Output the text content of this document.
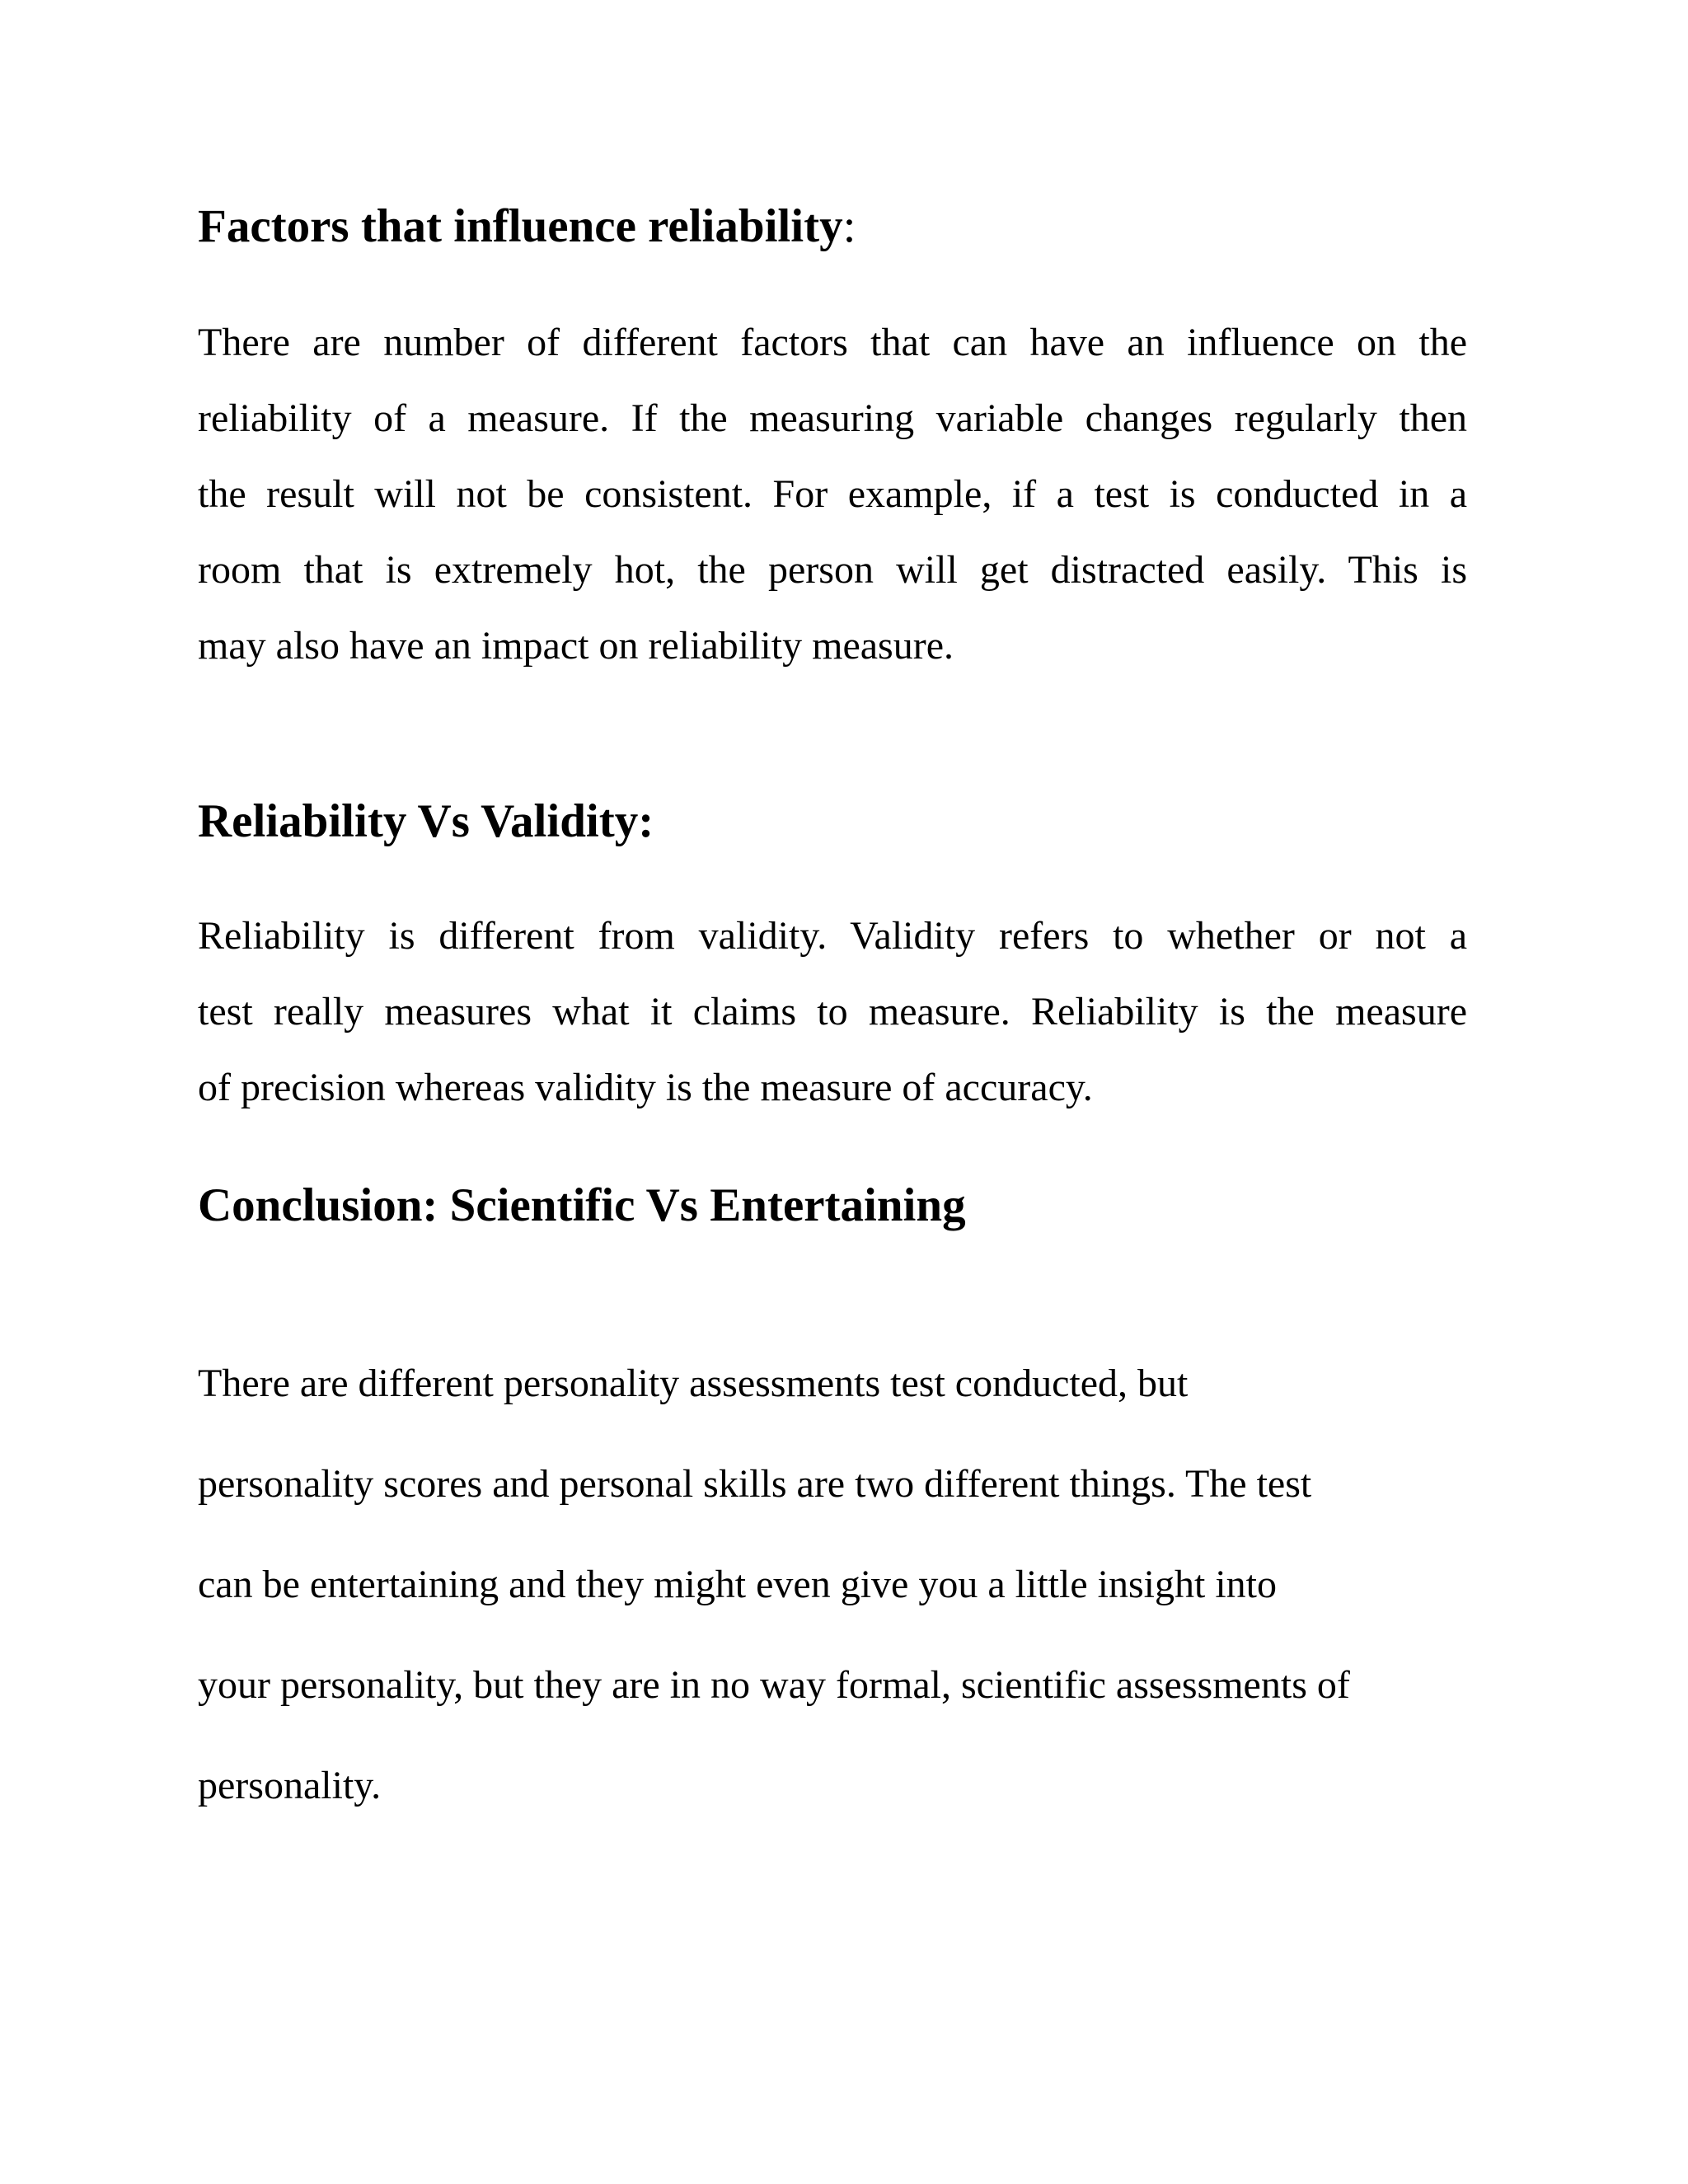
Factors that influence reliability:

There are number of different factors that can have an influence on the
reliability of a measure. If the measuring variable changes regularly then
the result will not be consistent. For example, if a test is conducted in a
room that is extremely hot, the person will get distracted easily. This is
may also have an impact on reliability measure.

Reliability Vs Validity:

Reliability is different from validity. Validity refers to whether or not a
test really measures what it claims to measure. Reliability is the measure
of precision whereas validity is the measure of accuracy.

Conclusion: Scientific Vs Entertaining

There are different personality assessments test conducted, but
personality scores and personal skills are two different things. The test
can be entertaining and they might even give you a little insight into
your personality, but they are in no way formal, scientific assessments of
personality.
